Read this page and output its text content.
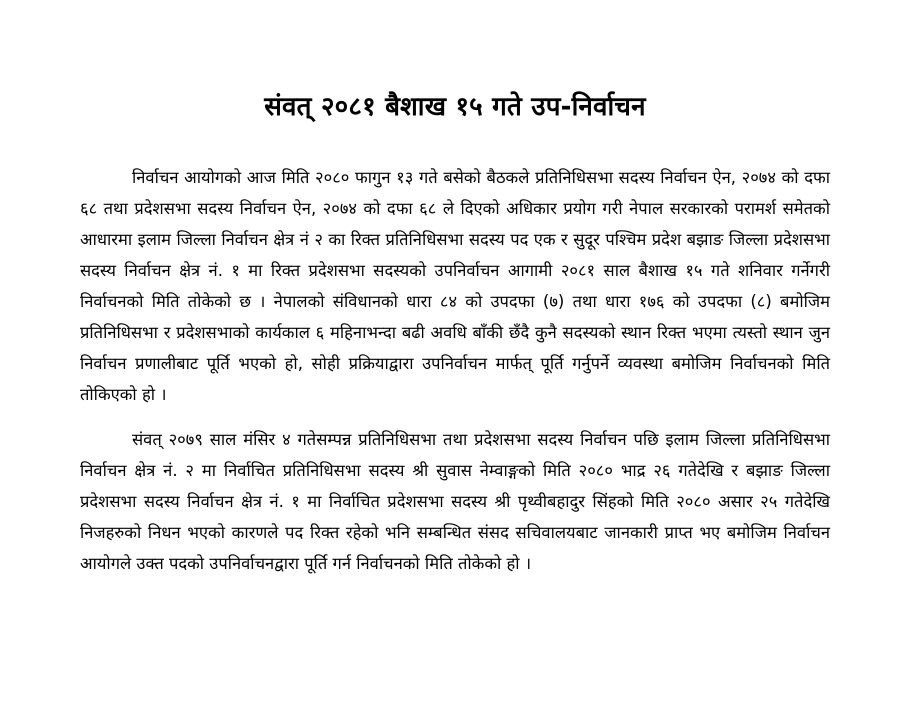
संवत् २०८१ बैशाख १५ गते उप-निर्वाचन

निर्वाचन आयोगको आज मिति २०८० फागुन १३ गते बसेको बैठकले प्रतिनिधिसभा सदस्य निर्वाचन ऐन, २०७४ को दफा ६८ तथा प्रदेशसभा सदस्य निर्वाचन ऐन, २०७४ को दफा ६८ ले दिएको अधिकार प्रयोग गरी नेपाल सरकारको परामर्श समेतको आधारमा इलाम जिल्ला निर्वाचन क्षेत्र नं २ का रिक्त प्रतिनिधिसभा सदस्य पद एक र सुदूर पश्चिम प्रदेश बझाङ जिल्ला प्रदेशसभा सदस्य निर्वाचन क्षेत्र नं. १ मा रिक्त प्रदेशसभा सदस्यको उपनिर्वाचन आगामी २०८१ साल बैशाख १५ गते शनिवार गर्नेगरी निर्वाचनको मिति तोकेको छ । नेपालको संविधानको धारा ८४ को उपदफा (७) तथा धारा १७६ को उपदफा (८) बमोजिम प्रतिनिधिसभा र प्रदेशसभाको कार्यकाल ६ महिनाभन्दा बढी अवधि बाँकी छँदै कुनै सदस्यको स्थान रिक्त भएमा त्यस्तो स्थान जुन निर्वाचन प्रणालीबाट पूर्ति भएको हो, सोही प्रक्रियाद्वारा उपनिर्वाचन मार्फत् पूर्ति गर्नुपर्ने व्यवस्था बमोजिम निर्वाचनको मिति तोकिएको हो ।

संवत् २०७९ साल मंसिर ४ गतेसम्पन्न प्रतिनिधिसभा तथा प्रदेशसभा सदस्य निर्वाचन पछि इलाम जिल्ला प्रतिनिधिसभा निर्वाचन क्षेत्र नं. २ मा निर्वाचित प्रतिनिधिसभा सदस्य श्री सुवास नेम्वाङ्गको मिति २०८० भाद्र २६ गतेदेखि र बझाङ जिल्ला प्रदेशसभा सदस्य निर्वाचन क्षेत्र नं. १ मा निर्वाचित प्रदेशसभा सदस्य श्री पृथ्वीबहादुर सिंहको मिति २०८० असार २५ गतेदेखि निजहरुको निधन भएको कारणले पद रिक्त रहेको भनि सम्बन्धित संसद सचिवालयबाट जानकारी प्राप्त भए बमोजिम निर्वाचन आयोगले उक्त पदको उपनिर्वाचनद्वारा पूर्ति गर्न निर्वाचनको मिति तोकेको हो ।
